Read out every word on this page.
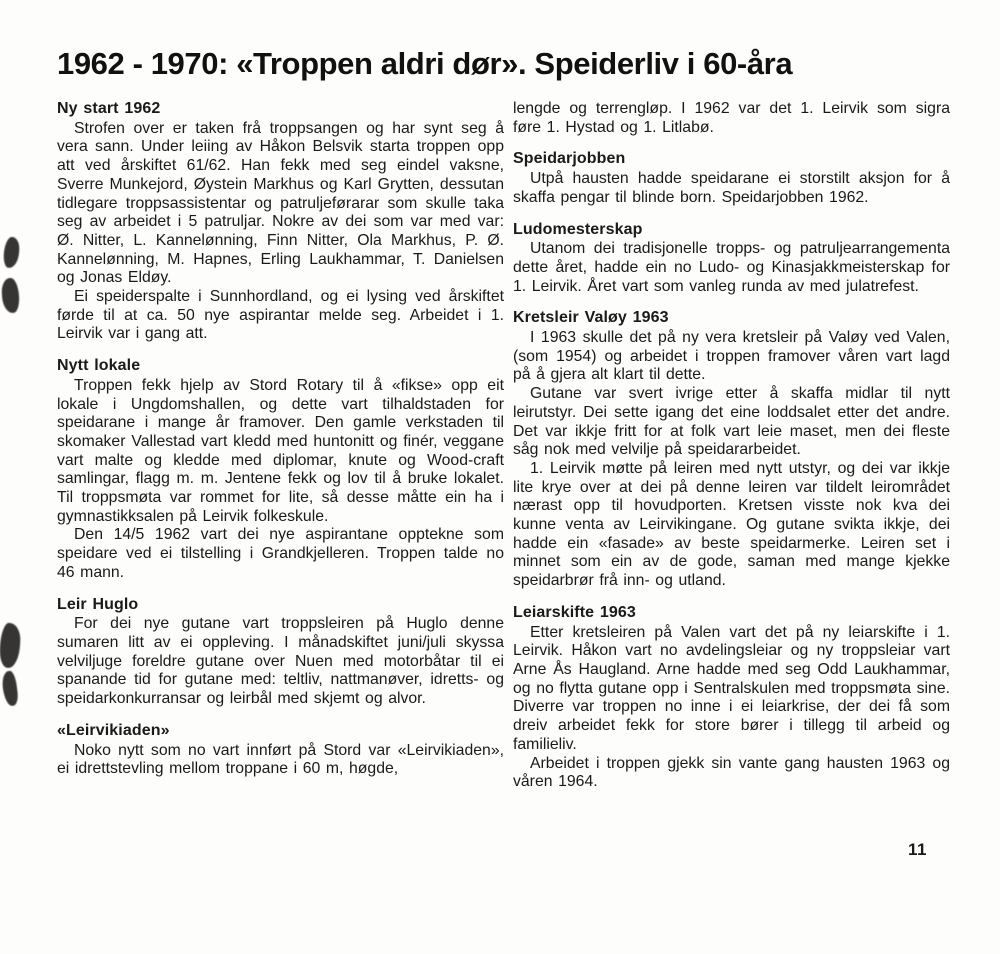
1962 - 1970: «Troppen aldri dør». Speiderliv i 60-åra
Ny start 1962

Strofen over er taken frå troppsangen og har synt seg å vera sann. Under leiing av Håkon Belsvik starta troppen opp att ved årskiftet 61/62. Han fekk med seg eindel vaksne, Sverre Munkejord, Øystein Markhus og Karl Grytten, dessutan tidlegare troppsassistentar og patruljeførarar som skulle taka seg av arbeidet i 5 patruljar. Nokre av dei som var med var: Ø. Nitter, L. Kannelønning, Finn Nitter, Ola Markhus, P. Ø. Kannelønning, M. Hapnes, Erling Laukhammar, T. Danielsen og Jonas Eldøy.

Ei speiderspalte i Sunnhordland, og ei lysing ved årskiftet førde til at ca. 50 nye aspirantar melde seg. Arbeidet i 1. Leirvik var i gang att.

Nytt lokale

Troppen fekk hjelp av Stord Rotary til å «fikse» opp eit lokale i Ungdomshallen, og dette vart tilhaldstaden for speidarane i mange år framover. Den gamle verkstaden til skomaker Vallestad vart kledd med huntonitt og finér, veggane vart malte og kledde med diplomar, knute og Wood-craft samlingar, flagg m. m. Jentene fekk og lov til å bruke lokalet. Til troppsmøta var rommet for lite, så desse måtte ein ha i gymnastikksalen på Leirvik folkeskule.

Den 14/5 1962 vart dei nye aspirantane opptekne som speidare ved ei tilstelling i Grandkjelleren. Troppen talde no 46 mann.

Leir Huglo

For dei nye gutane vart troppsleiren på Huglo denne sumaren litt av ei oppleving. I månadskiftet juni/juli skyssa velviljuge foreldre gutane over Nuen med motorbåtar til ei spanande tid for gutane med: teltliv, nattmanøver, idretts- og speidarkonkurransar og leirbål med skjemt og alvor.

«Leirvikiaden»

Noko nytt som no vart innført på Stord var «Leirvikiaden», ei idrettstevling mellom troppane i 60 m, høgde,

lengde og terrengløp. I 1962 var det 1. Leirvik som sigra føre 1. Hystad og 1. Litlabø.

Speidarjobben

Utpå hausten hadde speidarane ei storstilt aksjon for å skaffa pengar til blinde born. Speidarjobben 1962.

Ludomesterskap

Utanom dei tradisjonelle tropps- og patruljearrangementa dette året, hadde ein no Ludo- og Kinasjakkmeisterskap for 1. Leirvik. Året vart som vanleg runda av med julatrefest.

Kretsleir Valøy 1963

I 1963 skulle det på ny vera kretsleir på Valøy ved Valen, (som 1954) og arbeidet i troppen framover våren vart lagd på å gjera alt klart til dette.

Gutane var svert ivrige etter å skaffa midlar til nytt leirutstyr. Dei sette igang det eine loddsalet etter det andre. Det var ikkje fritt for at folk vart leie maset, men dei fleste såg nok med velvilje på speidararbeidet.

1. Leirvik møtte på leiren med nytt utstyr, og dei var ikkje lite krye over at dei på denne leiren var tildelt leirområdet nærast opp til hovudporten. Kretsen visste nok kva dei kunne venta av Leirvikingane. Og gutane svikta ikkje, dei hadde ein «fasade» av beste speidarmerke. Leiren set i minnet som ein av de gode, saman med mange kjekke speidarbrør frå inn- og utland.

Leiarskifte 1963

Etter kretsleiren på Valen vart det på ny leiarskifte i 1. Leirvik. Håkon vart no avdelingsleiar og ny troppsleiar vart Arne Ås Haugland. Arne hadde med seg Odd Laukhammar, og no flytta gutane opp i Sentralskulen med troppsmøta sine. Diverre var troppen no inne i ei leiarkrise, der dei få som dreiv arbeidet fekk for store bører i tillegg til arbeid og familieliv.

Arbeidet i troppen gjekk sin vante gang hausten 1963 og våren 1964.

11
